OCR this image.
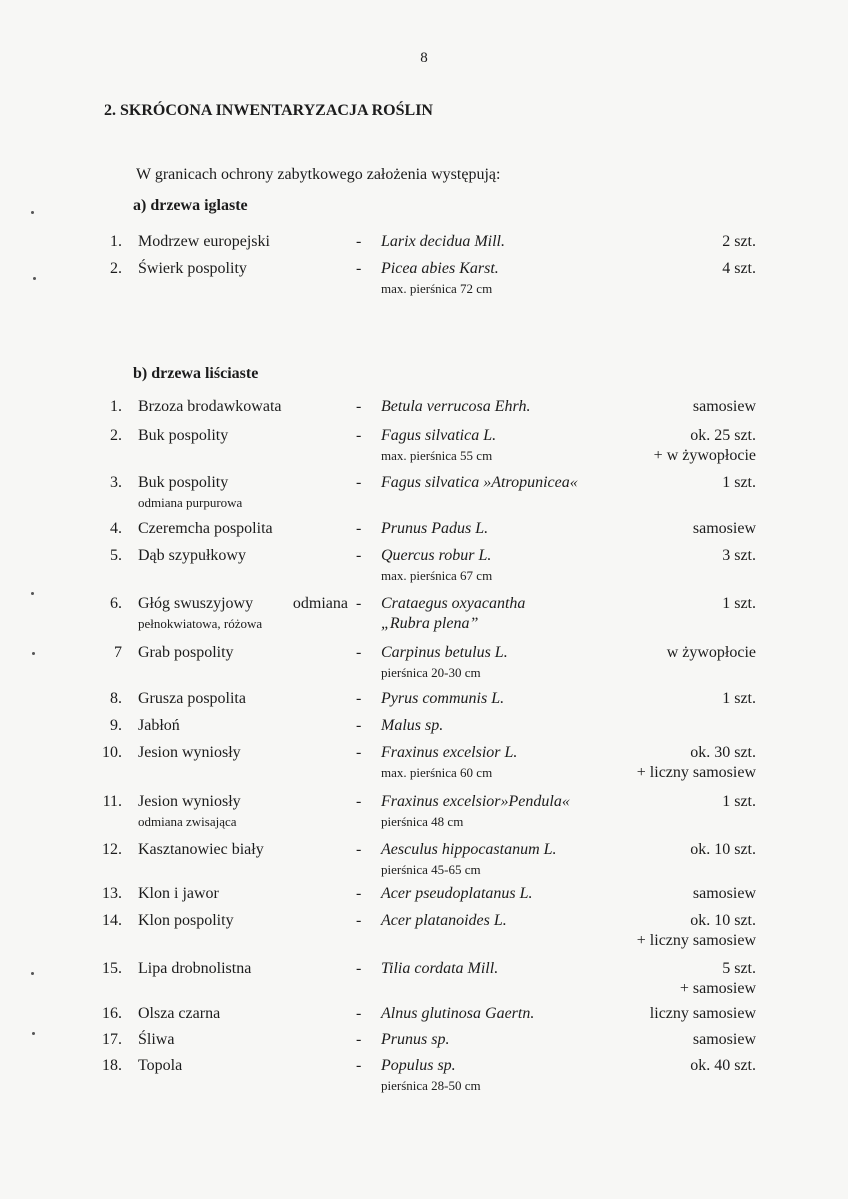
8
2. SKRÓCONA INWENTARYZACJA ROŚLIN
W granicach ochrony zabytkowego założenia występują:
a) drzewa iglaste
b) drzewa liściaste
1. Modrzew europejski	- Larix decidua Mill.	2 szt.
2. Świerk pospolity	- Picea abies Karst.	4 szt.
max. pierśnica 72 cm
1. Brzoza brodawkowata	- Betula verrucosa Ehrh.	samosiew
2. Buk pospolity	- Fagus silvatica L.	ok. 25 szt.
max. pierśnica 55 cm	+ w żywopłocie
3. Buk pospolity	- Fagus silvatica »Atropunicea«	1 szt.
odmiana purpurowa
4. Czeremcha pospolita	- Prunus Padus L.	samosiew
5. Dąb szypułkowy	- Quercus robur L.	3 szt.
max. pierśnica 67 cm
6. Głóg swuszyjowy odmiana - Crataegus oxyacantha	1 szt.
pełnokwiatowa, różowa	„Rubra plena”
7 Grab pospolity	- Carpinus betulus L.	w żywopłocie
pierśnica 20-30 cm
8. Grusza pospolita	- Pyrus communis L.	1 szt.
9. Jabłoń	- Malus sp.
10. Jesion wyniosły	- Fraxinus excelsior L.	ok. 30 szt.
max. pierśnica 60 cm	+ liczny samosiew
11. Jesion wyniosły	- Fraxinus excelsior»Pendula«	1 szt.
odmiana zwisająca	pierśnica 48 cm
12. Kasztanowiec biały	- Aesculus hippocastanum L.	ok. 10 szt.
pierśnica 45-65 cm
13. Klon i jawor	- Acer pseudoplatanus L.	samosiew
14. Klon pospolity	- Acer platanoides L.	ok. 10 szt.
+ liczny samosiew
15. Lipa drobnolistna	- Tilia cordata Mill.	5 szt.
+ samosiew
16. Olsza czarna	- Alnus glutinosa Gaertn.	liczny samosiew
17. Śliwa	- Prunus sp.	samosiew
18. Topola	- Populus sp.	ok. 40 szt.
pierśnica 28-50 cm
